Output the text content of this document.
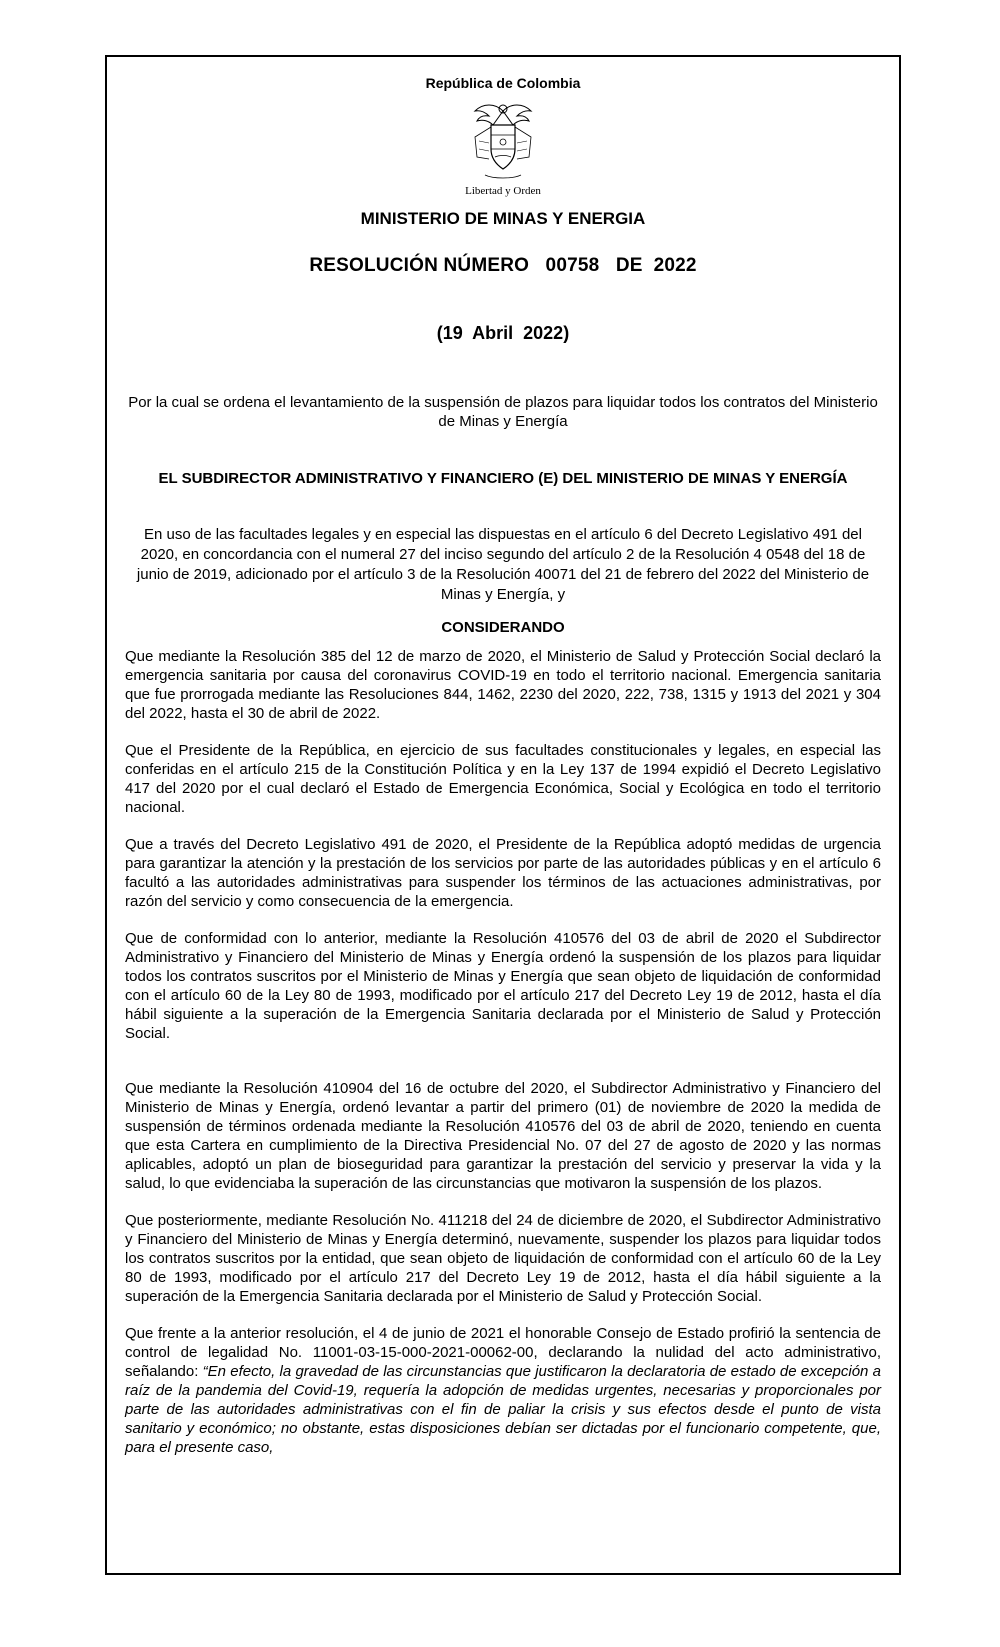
República de Colombia
Libertad y Orden
MINISTERIO DE MINAS Y ENERGIA
RESOLUCIÓN NÚMERO   00758   DE  2022
(19  Abril  2022)
Por la cual se ordena el levantamiento de la suspensión de plazos para liquidar todos los contratos del Ministerio de Minas y Energía
EL SUBDIRECTOR ADMINISTRATIVO Y FINANCIERO (E) DEL MINISTERIO DE MINAS Y ENERGÍA
En uso de las facultades legales y en especial las dispuestas en el artículo 6 del Decreto Legislativo 491 del 2020, en concordancia con el numeral 27 del inciso segundo del artículo 2 de la Resolución 4 0548 del 18 de junio de 2019, adicionado por el artículo 3 de la Resolución 40071 del 21 de febrero del 2022 del Ministerio de Minas y Energía, y
CONSIDERANDO

Que mediante la Resolución 385 del 12 de marzo de 2020, el Ministerio de Salud y Protección Social declaró la emergencia sanitaria por causa del coronavirus COVID-19 en todo el territorio nacional. Emergencia sanitaria que fue prorrogada mediante las Resoluciones 844, 1462, 2230 del 2020, 222, 738, 1315 y 1913 del 2021 y 304 del 2022, hasta el 30 de abril de 2022.

Que el Presidente de la República, en ejercicio de sus facultades constitucionales y legales, en especial las conferidas en el artículo 215 de la Constitución Política y en la Ley 137 de 1994 expidió el Decreto Legislativo 417 del 2020 por el cual declaró el Estado de Emergencia Económica, Social y Ecológica en todo el territorio nacional.

Que a través del Decreto Legislativo 491 de 2020, el Presidente de la República adoptó medidas de urgencia para garantizar la atención y la prestación de los servicios por parte de las autoridades públicas y en el artículo 6 facultó a las autoridades administrativas para suspender los términos de las actuaciones administrativas, por razón del servicio y como consecuencia de la emergencia.

Que de conformidad con lo anterior, mediante la Resolución 410576 del 03 de abril de 2020 el Subdirector Administrativo y Financiero del Ministerio de Minas y Energía ordenó la suspensión de los plazos para liquidar todos los contratos suscritos por el Ministerio de Minas y Energía que sean objeto de liquidación de conformidad con el artículo 60 de la Ley 80 de 1993, modificado por el artículo 217 del Decreto Ley 19 de 2012, hasta el día hábil siguiente a la superación de la Emergencia Sanitaria declarada por el Ministerio de Salud y Protección Social.

Que mediante la Resolución 410904 del 16 de octubre del 2020, el Subdirector Administrativo y Financiero del Ministerio de Minas y Energía, ordenó levantar a partir del primero (01) de noviembre de 2020 la medida de suspensión de términos ordenada mediante la Resolución 410576 del 03 de abril de 2020, teniendo en cuenta que esta Cartera en cumplimiento de la Directiva Presidencial No. 07 del 27 de agosto de 2020 y las normas aplicables, adoptó un plan de bioseguridad para garantizar la prestación del servicio y preservar la vida y la salud, lo que evidenciaba la superación de las circunstancias que motivaron la suspensión de los plazos.

Que posteriormente, mediante Resolución No. 411218 del 24 de diciembre de 2020, el Subdirector Administrativo y Financiero del Ministerio de Minas y Energía determinó, nuevamente, suspender los plazos para liquidar todos los contratos suscritos por la entidad, que sean objeto de liquidación de conformidad con el artículo 60 de la Ley 80 de 1993, modificado por el artículo 217 del Decreto Ley 19 de 2012, hasta el día hábil siguiente a la superación de la Emergencia Sanitaria declarada por el Ministerio de Salud y Protección Social.

Que frente a la anterior resolución, el 4 de junio de 2021 el honorable Consejo de Estado profirió la sentencia de control de legalidad No. 11001-03-15-000-2021-00062-00, declarando la nulidad del acto administrativo, señalando: “En efecto, la gravedad de las circunstancias que justificaron la declaratoria de estado de excepción a raíz de la pandemia del Covid-19, requería la adopción de medidas urgentes, necesarias y proporcionales por parte de las autoridades administrativas con el fin de paliar la crisis y sus efectos desde el punto de vista sanitario y económico; no obstante, estas disposiciones debían ser dictadas por el funcionario competente, que, para el presente caso,
